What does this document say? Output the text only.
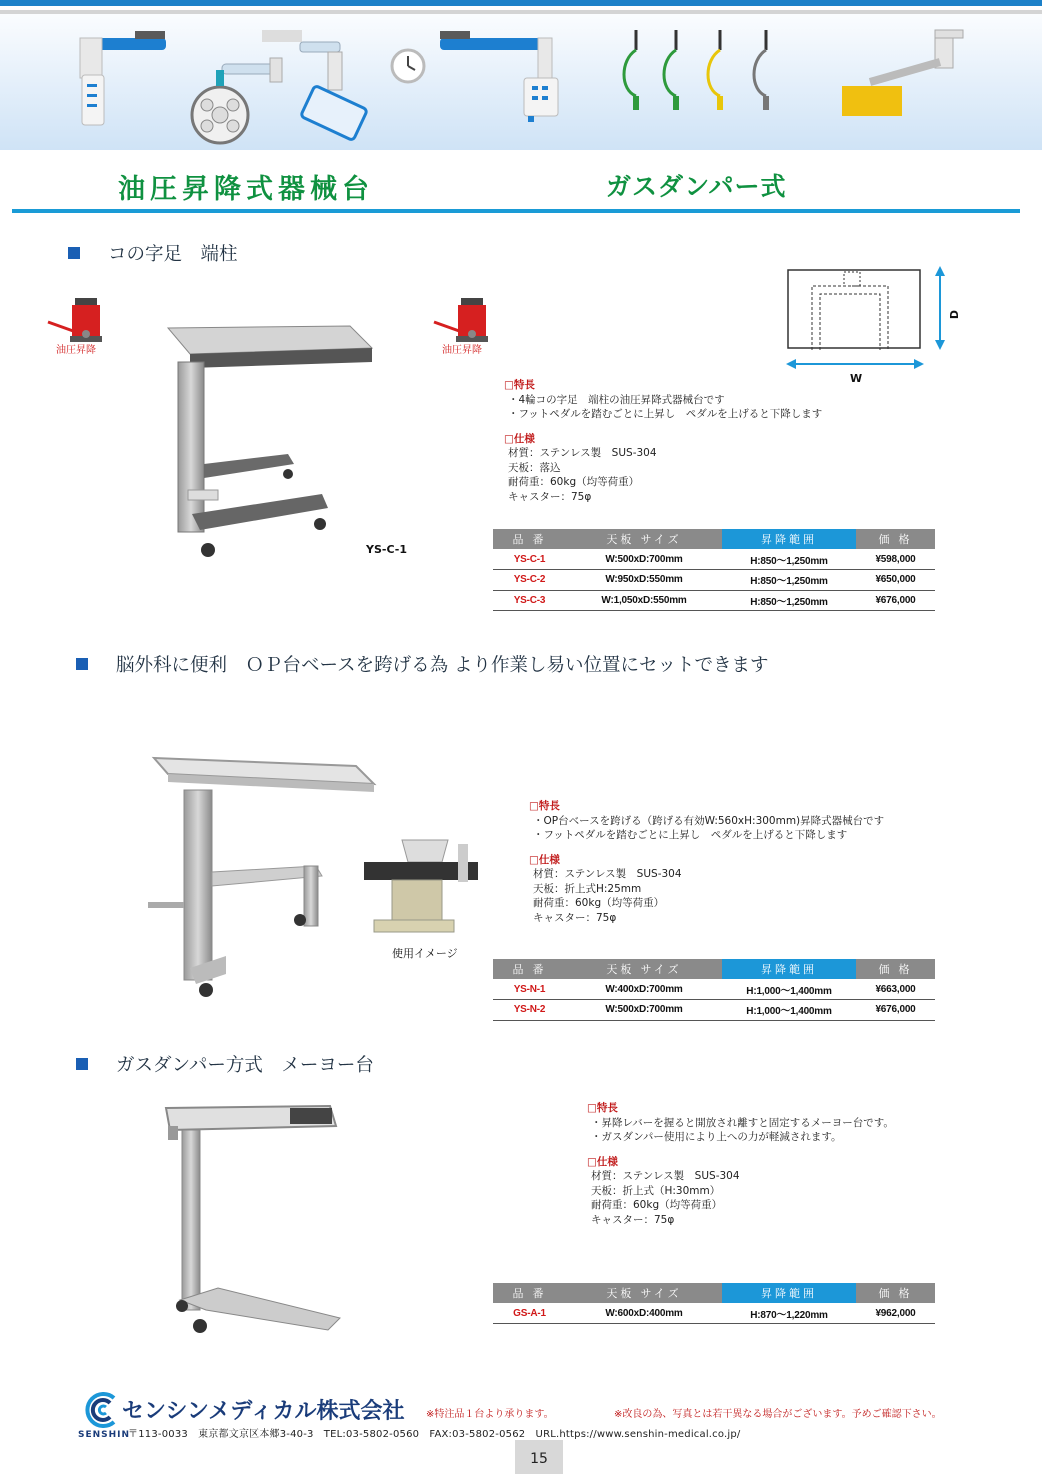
油圧昇降	油圧昇降
油圧昇降式器械台	ガスダンパー式
コの字足　端柱
YS-C-1
W
D
□特長
・4輪コの字足　端柱の油圧昇降式器械台です
・フットペダルを踏むごとに上昇し　ペダルを上げると下降します
□仕様
材質：ステンレス製　SUS-304
天板：落込
耐荷重：60kg（均等荷重）
キャスター：75φ
品 番	天板 サイズ	昇降範囲	価 格
YS-C-1	W:500xD:700mm	H:850～1,250mm	¥598,000
YS-C-2	W:950xD:550mm	H:850～1,250mm	¥650,000
YS-C-3	W:1,050xD:550mm	H:850～1,250mm	¥676,000
脳外科に便利　ＯＰ台ベースを跨げる為 より作業し易い位置にセットできます
使用イメージ
□特長
・OP台ベースを跨げる（跨げる有効W:560xH:300mm)昇降式器械台です
・フットペダルを踏むごとに上昇し　ペダルを上げると下降します
□仕様
材質：ステンレス製　SUS-304
天板：折上式H:25mm
耐荷重：60kg（均等荷重）
キャスター：75φ
品 番	天板 サイズ	昇降範囲	価 格
YS-N-1	W:400xD:700mm	H:1,000～1,400mm	¥663,000
YS-N-2	W:500xD:700mm	H:1,000～1,400mm	¥676,000
ガスダンパー方式　メーヨー台
□特長
・昇降レバーを握ると開放され離すと固定するメーヨー台です。
・ガスダンパー使用により上への力が軽減されます。
□仕様
材質：ステンレス製　SUS-304
天板：折上式（H:30mm）
耐荷重：60kg（均等荷重）
キャスター：75φ
品 番	天板 サイズ	昇降範囲	価 格
GS-A-1	W:600xD:400mm	H:870～1,220mm	¥962,000
センシンメディカル株式会社
SENSHIN
※特注品１台より承ります。	※改良の為、写真とは若干異なる場合がございます。予めご確認下さい。
〒113-0033　東京都文京区本郷3-40-3　TEL:03-5802-0560　FAX:03-5802-0562　URL.https://www.senshin-medical.co.jp/
15
